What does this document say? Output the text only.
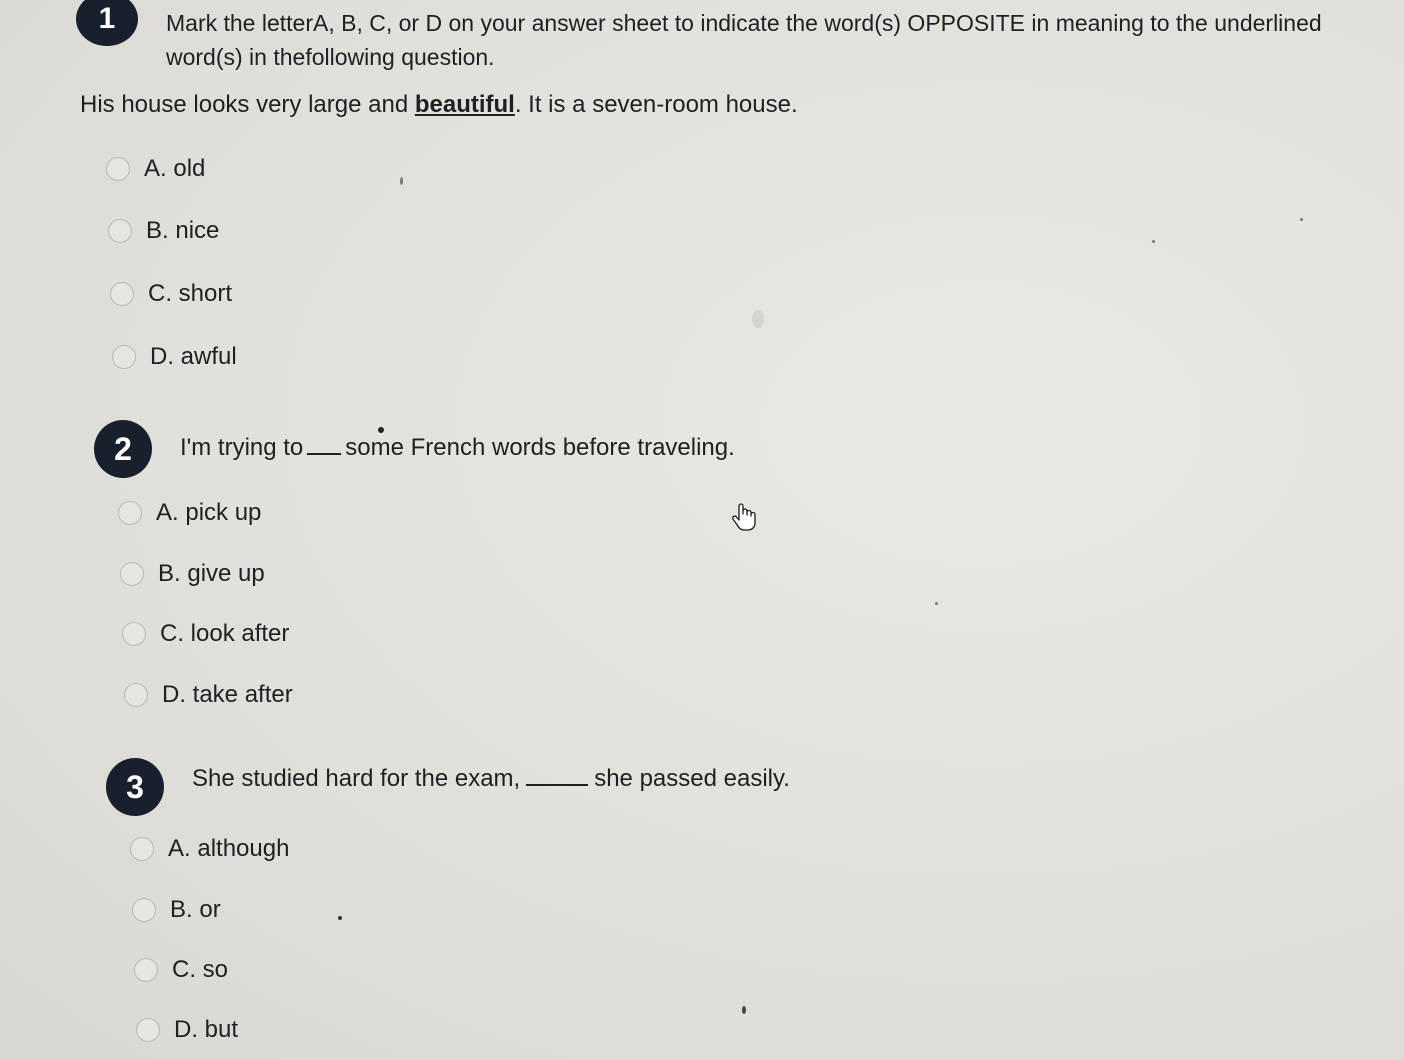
1	Mark the letterA, B, C, or D on your answer sheet to indicate the word(s) OPPOSITE in meaning to the underlined word(s) in thefollowing question.
His house looks very large and beautiful. It is a seven-room house.
A. old
B. nice
C. short
D. awful
2	I'm trying to some French words before traveling.
A. pick up
B. give up
C. look after
D. take after
3	She studied hard for the exam,	she passed easily.
A. although
B. or
C. so
D. but
